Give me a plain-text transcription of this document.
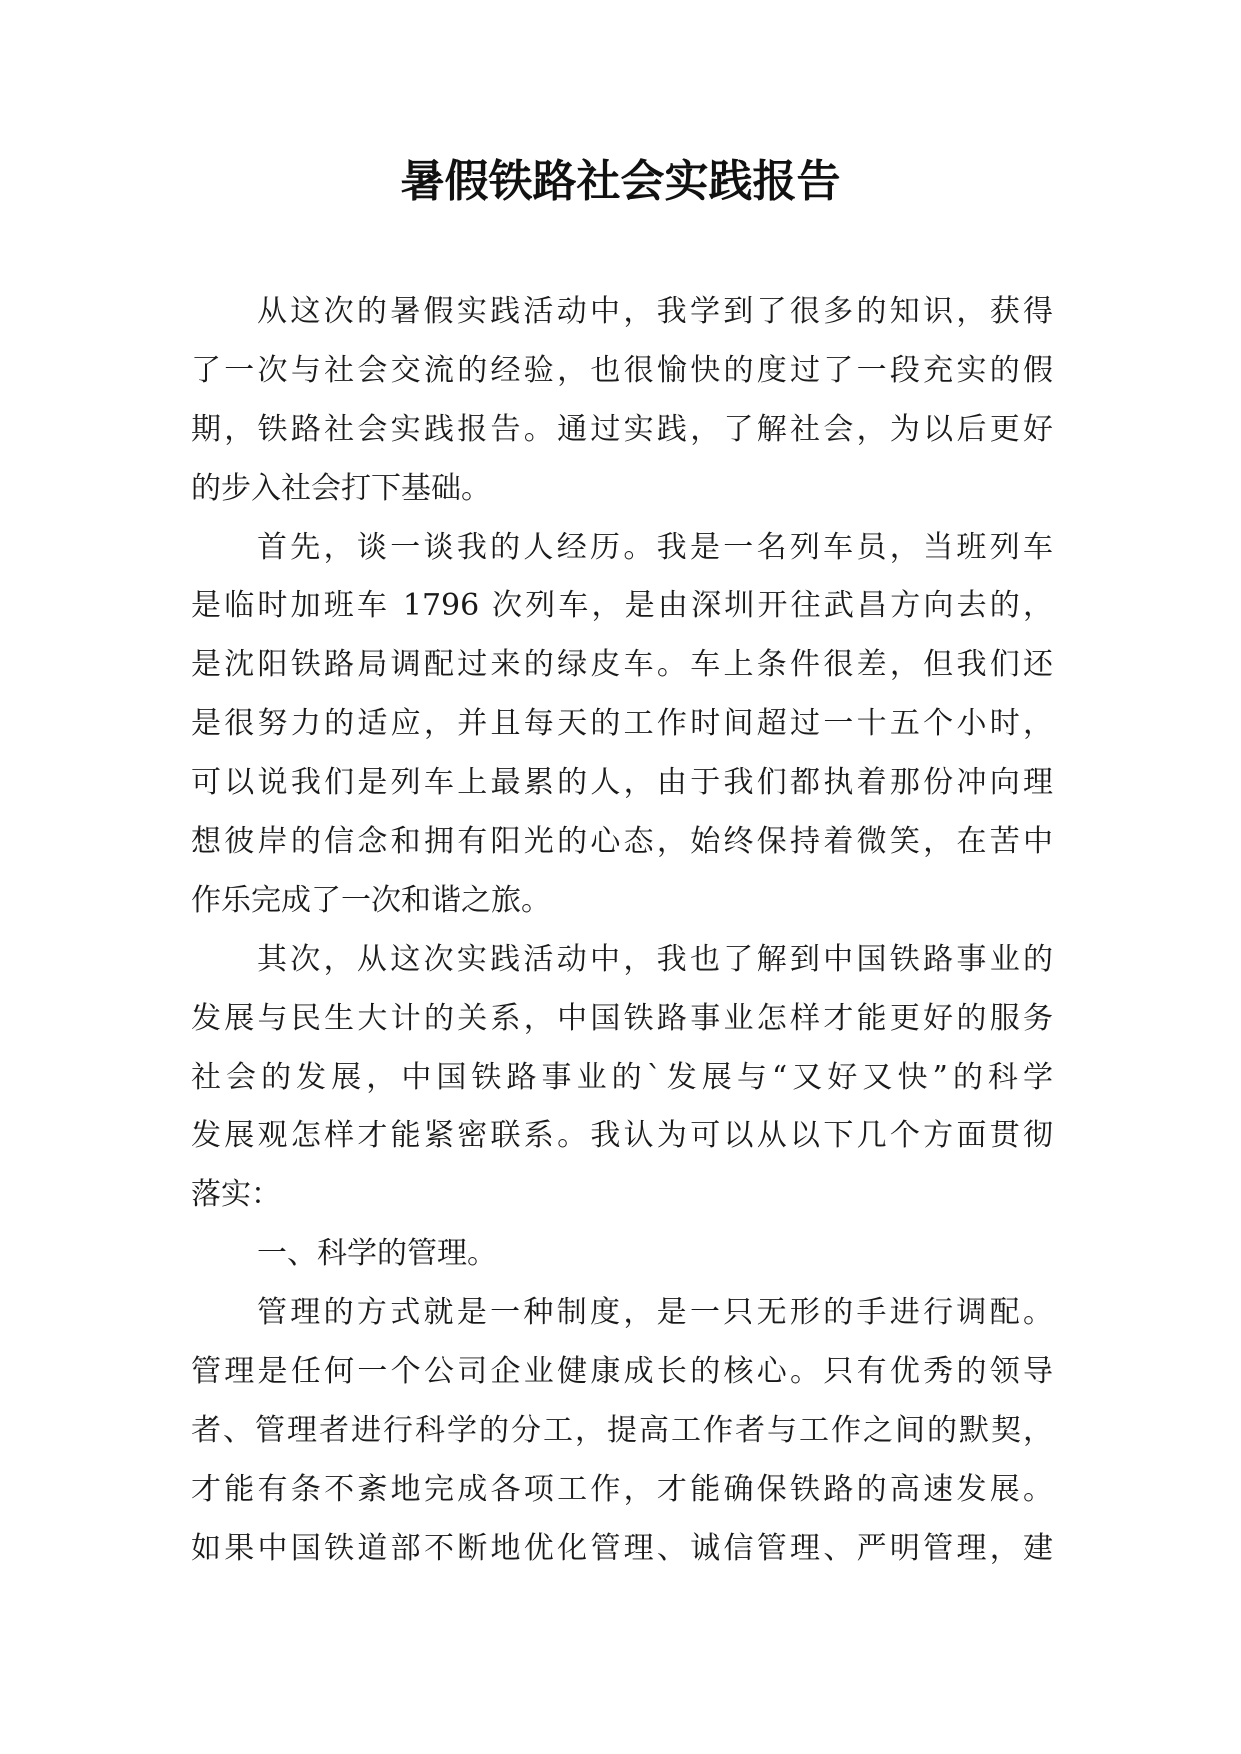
暑假铁路社会实践报告
从这次的暑假实践活动中，我学到了很多的知识，获得
了一次与社会交流的经验，也很愉快的度过了一段充实的假
期，铁路社会实践报告。通过实践，了解社会，为以后更好
的步入社会打下基础。
首先，谈一谈我的人经历。我是一名列车员，当班列车
是临时加班车 1796 次列车，是由深圳开往武昌方向去的，
是沈阳铁路局调配过来的绿皮车。车上条件很差，但我们还
是很努力的适应，并且每天的工作时间超过一十五个小时，
可以说我们是列车上最累的人，由于我们都执着那份冲向理
想彼岸的信念和拥有阳光的心态，始终保持着微笑，在苦中
作乐完成了一次和谐之旅。
其次，从这次实践活动中，我也了解到中国铁路事业的
发展与民生大计的关系，中国铁路事业怎样才能更好的服务
社会的发展，中国铁路事业的`发展与“又好又快”的科学
发展观怎样才能紧密联系。我认为可以从以下几个方面贯彻
落实：
一、科学的管理。
管理的方式就是一种制度，是一只无形的手进行调配。
管理是任何一个公司企业健康成长的核心。只有优秀的领导
者、管理者进行科学的分工，提高工作者与工作之间的默契，
才能有条不紊地完成各项工作，才能确保铁路的高速发展。
如果中国铁道部不断地优化管理、诚信管理、严明管理，建
